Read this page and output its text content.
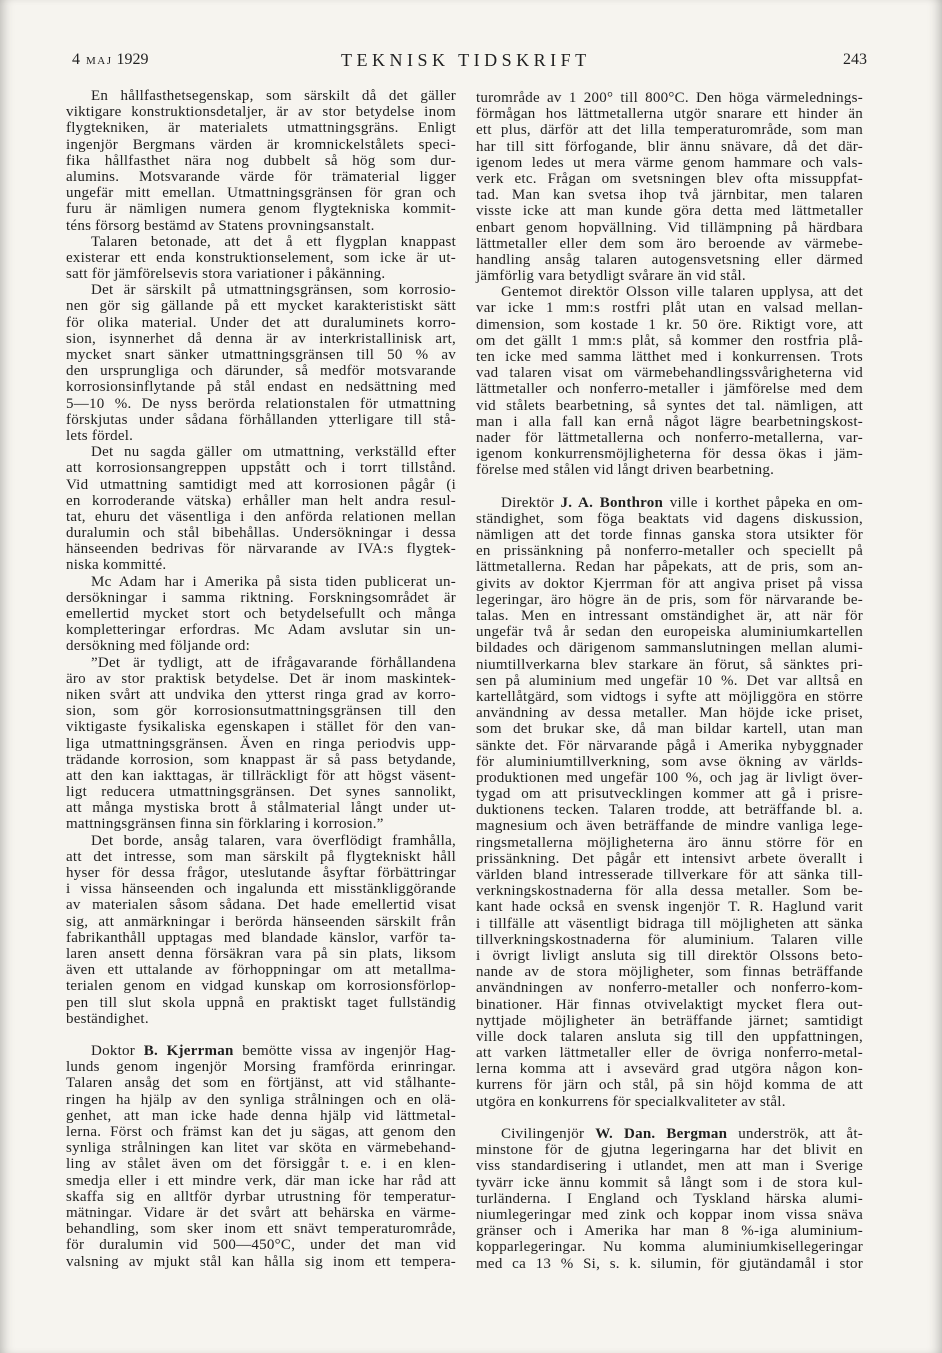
4 MAJ 1929	TEKNISK TIDSKRIFT	243
En hållfasthetsegenskap, som särskilt då det gäller
viktigare konstruktionsdetaljer, är av stor betydelse inom
flygtekniken, är materialets utmattningsgräns. Enligt
ingenjör Bergmans värden är kromnickelstålets speci-
fika hållfasthet nära nog dubbelt så hög som dur-
alumins. Motsvarande värde för trämaterial ligger
ungefär mitt emellan. Utmattningsgränsen för gran och
furu är nämligen numera genom flygtekniska kommit-
téns försorg bestämd av Statens provningsanstalt.
Talaren betonade, att det å ett flygplan knappast
existerar ett enda konstruktionselement, som icke är ut-
satt för jämförelsevis stora variationer i påkänning.
Det är särskilt på utmattningsgränsen, som korrosio-
nen gör sig gällande på ett mycket karakteristiskt sätt
för olika material. Under det att duraluminets korro-
sion, isynnerhet då denna är av interkristallinisk art,
mycket snart sänker utmattningsgränsen till 50 % av
den ursprungliga och därunder, så medför motsvarande
korrosionsinflytande på stål endast en nedsättning med
5—10 %. De nyss berörda relationstalen för utmattning
förskjutas under sådana förhållanden ytterligare till stå-
lets fördel.
Det nu sagda gäller om utmattning, verkställd efter
att korrosionsangreppen uppstått och i torrt tillstånd.
Vid utmattning samtidigt med att korrosionen pågår (i
en korroderande vätska) erhåller man helt andra resul-
tat, ehuru det väsentliga i den anförda relationen mellan
duralumin och stål bibehållas. Undersökningar i dessa
hänseenden bedrivas för närvarande av IVA:s flygtek-
niska kommitté.
Mc Adam har i Amerika på sista tiden publicerat un-
dersökningar i samma riktning. Forskningsområdet är
emellertid mycket stort och betydelsefullt och många
kompletteringar erfordras. Mc Adam avslutar sin un-
dersökning med följande ord:
”Det är tydligt, att de ifrågavarande förhållandena
äro av stor praktisk betydelse. Det är inom maskintek-
niken svårt att undvika den ytterst ringa grad av korro-
sion, som gör korrosionsutmattningsgränsen till den
viktigaste fysikaliska egenskapen i stället för den van-
liga utmattningsgränsen. Även en ringa periodvis upp-
trädande korrosion, som knappast är så pass betydande,
att den kan iakttagas, är tillräckligt för att högst väsent-
ligt reducera utmattningsgränsen. Det synes sannolikt,
att många mystiska brott å stålmaterial långt under ut-
mattningsgränsen finna sin förklaring i korrosion.”
Det borde, ansåg talaren, vara överflödigt framhålla,
att det intresse, som man särskilt på flygtekniskt håll
hyser för dessa frågor, uteslutande åsyftar förbättringar
i vissa hänseenden och ingalunda ett misstänkliggörande
av materialen såsom sådana. Det hade emellertid visat
sig, att anmärkningar i berörda hänseenden särskilt från
fabrikanthåll upptagas med blandade känslor, varför ta-
laren ansett denna försäkran vara på sin plats, liksom
även ett uttalande av förhoppningar om att metallma-
terialen genom en vidgad kunskap om korrosionsförlop-
pen till slut skola uppnå en praktiskt taget fullständig
beständighet.
Doktor B. Kjerrman bemötte vissa av ingenjör Hag-
lunds genom ingenjör Morsing framförda erinringar.
Talaren ansåg det som en förtjänst, att vid stålhante-
ringen ha hjälp av den synliga strålningen och en olä-
genhet, att man icke hade denna hjälp vid lättmetal-
lerna. Först och främst kan det ju sägas, att genom den
synliga strålningen kan litet var sköta en värmebehand-
ling av stålet även om det försiggår t. e. i en klen-
smedja eller i ett mindre verk, där man icke har råd att
skaffa sig en alltför dyrbar utrustning för temperatur-
mätningar. Vidare är det svårt att behärska en värme-
behandling, som sker inom ett snävt temperaturområde,
för duralumin vid 500—450°C, under det man vid
valsning av mjukt stål kan hålla sig inom ett tempera-
turområde av 1 200° till 800°C. Den höga värmelednings-
förmågan hos lättmetallerna utgör snarare ett hinder än
ett plus, därför att det lilla temperaturområde, som man
har till sitt förfogande, blir ännu snävare, då det där-
igenom ledes ut mera värme genom hammare och vals-
verk etc. Frågan om svetsningen blev ofta missuppfat-
tad. Man kan svetsa ihop två järnbitar, men talaren
visste icke att man kunde göra detta med lättmetaller
enbart genom hopvällning. Vid tillämpning på härdbara
lättmetaller eller dem som äro beroende av värmebe-
handling ansåg talaren autogensvetsning eller därmed
jämförlig vara betydligt svårare än vid stål.
Gentemot direktör Olsson ville talaren upplysa, att det
var icke 1 mm:s rostfri plåt utan en valsad mellan-
dimension, som kostade 1 kr. 50 öre. Riktigt vore, att
om det gällt 1 mm:s plåt, så kommer den rostfria plå-
ten icke med samma lätthet med i konkurrensen. Trots
vad talaren visat om värmebehandlingssvårigheterna vid
lättmetaller och nonferro-metaller i jämförelse med dem
vid stålets bearbetning, så syntes det tal. nämligen, att
man i alla fall kan ernå något lägre bearbetningskost-
nader för lättmetallerna och nonferro-metallerna, var-
igenom konkurrensmöjligheterna för dessa ökas i jäm-
förelse med stålen vid långt driven bearbetning.
Direktör J. A. Bonthron ville i korthet påpeka en om-
ständighet, som föga beaktats vid dagens diskussion,
nämligen att det torde finnas ganska stora utsikter för
en prissänkning på nonferro-metaller och speciellt på
lättmetallerna. Redan har påpekats, att de pris, som an-
givits av doktor Kjerrman för att angiva priset på vissa
legeringar, äro högre än de pris, som för närvarande be-
talas. Men en intressant omständighet är, att när för
ungefär två år sedan den europeiska aluminiumkartellen
bildades och därigenom sammanslutningen mellan alumi-
niumtillverkarna blev starkare än förut, så sänktes pri-
sen på aluminium med ungefär 10 %. Det var alltså en
kartellåtgärd, som vidtogs i syfte att möjliggöra en större
användning av dessa metaller. Man höjde icke priset,
som det brukar ske, då man bildar kartell, utan man
sänkte det. För närvarande pågå i Amerika nybyggnader
för aluminiumtillverkning, som avse ökning av världs-
produktionen med ungefär 100 %, och jag är livligt över-
tygad om att prisutvecklingen kommer att gå i prisre-
duktionens tecken. Talaren trodde, att beträffande bl. a.
magnesium och även beträffande de mindre vanliga lege-
ringsmetallerna möjligheterna äro ännu större för en
prissänkning. Det pågår ett intensivt arbete överallt i
världen bland intresserade tillverkare för att sänka till-
verkningskostnaderna för alla dessa metaller. Som be-
kant hade också en svensk ingenjör T. R. Haglund varit
i tillfälle att väsentligt bidraga till möjligheten att sänka
tillverkningskostnaderna för aluminium. Talaren ville
i övrigt livligt ansluta sig till direktör Olssons beto-
nande av de stora möjligheter, som finnas beträffande
användningen av nonferro-metaller och nonferro-kom-
binationer. Här finnas otvivelaktigt mycket flera out-
nyttjade möjligheter än beträffande järnet; samtidigt
ville dock talaren ansluta sig till den uppfattningen,
att varken lättmetaller eller de övriga nonferro-metal-
lerna komma att i avsevärd grad utgöra någon kon-
kurrens för järn och stål, på sin höjd komma de att
utgöra en konkurrens för specialkvaliteter av stål.
Civilingenjör W. Dan. Bergman underströk, att åt-
minstone för de gjutna legeringarna har det blivit en
viss standardisering i utlandet, men att man i Sverige
tyvärr icke ännu kommit så långt som i de stora kul-
turländerna. I England och Tyskland härska alumi-
niumlegeringar med zink och koppar inom vissa snäva
gränser och i Amerika har man 8 %-iga aluminium-
kopparlegeringar. Nu komma aluminiumkisellegeringar
med ca 13 % Si, s. k. silumin, för gjutändamål i stor
